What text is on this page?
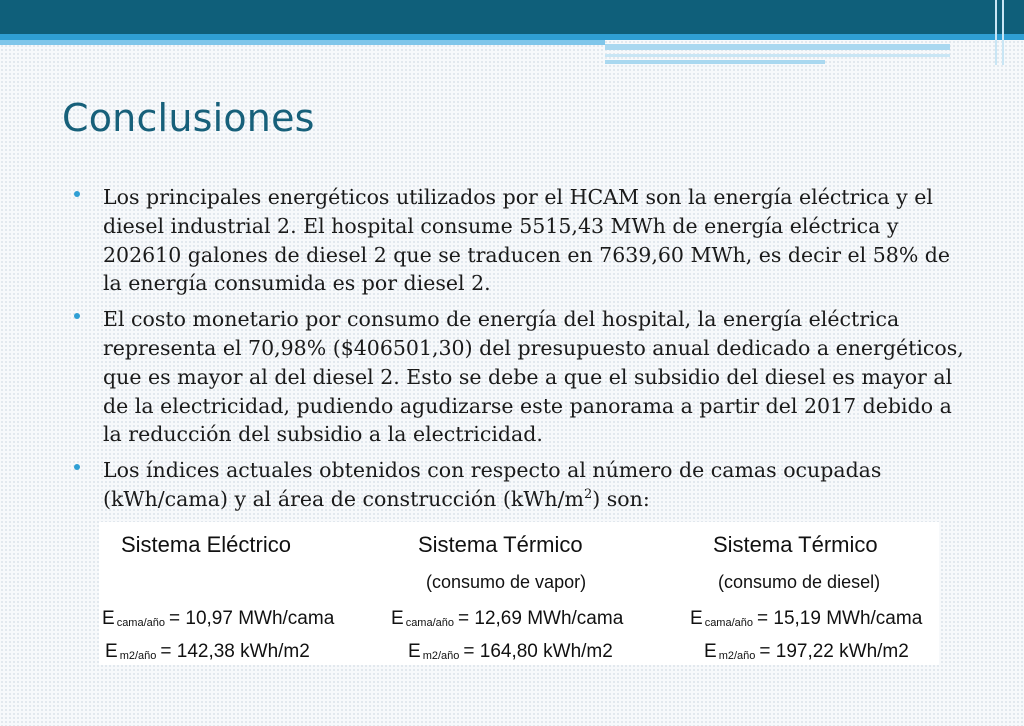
Conclusiones
Los principales energéticos utilizados por el HCAM son la energía eléctrica y el diesel industrial 2. El hospital consume 5515,43 MWh de energía eléctrica y 202610 galones de diesel 2 que se traducen en 7639,60 MWh, es decir el 58% de la energía consumida es por diesel 2.
El costo monetario por consumo de energía del hospital, la energía eléctrica representa el 70,98% ($406501,30) del presupuesto anual dedicado a energéticos, que es mayor al del diesel 2. Esto se debe a que el subsidio del diesel es mayor al de la electricidad, pudiendo agudizarse este panorama a partir del 2017 debido a la reducción del subsidio a la electricidad.
Los índices actuales obtenidos con respecto al número de camas ocupadas (kWh/cama) y al área de construcción $(kWh/m^2)$ son:
Sistema Eléctrico
Ecama/año = 10,97 MWh/cama
Em2/año = 142,38 kWh/m2
Sistema Térmico
(consumo de vapor)
Ecama/año = 12,69 MWh/cama
Em2/año = 164,80 kWh/m2
Sistema Térmico
(consumo de diesel)
Ecama/año = 15,19 MWh/cama
Em2/año = 197,22 kWh/m2
